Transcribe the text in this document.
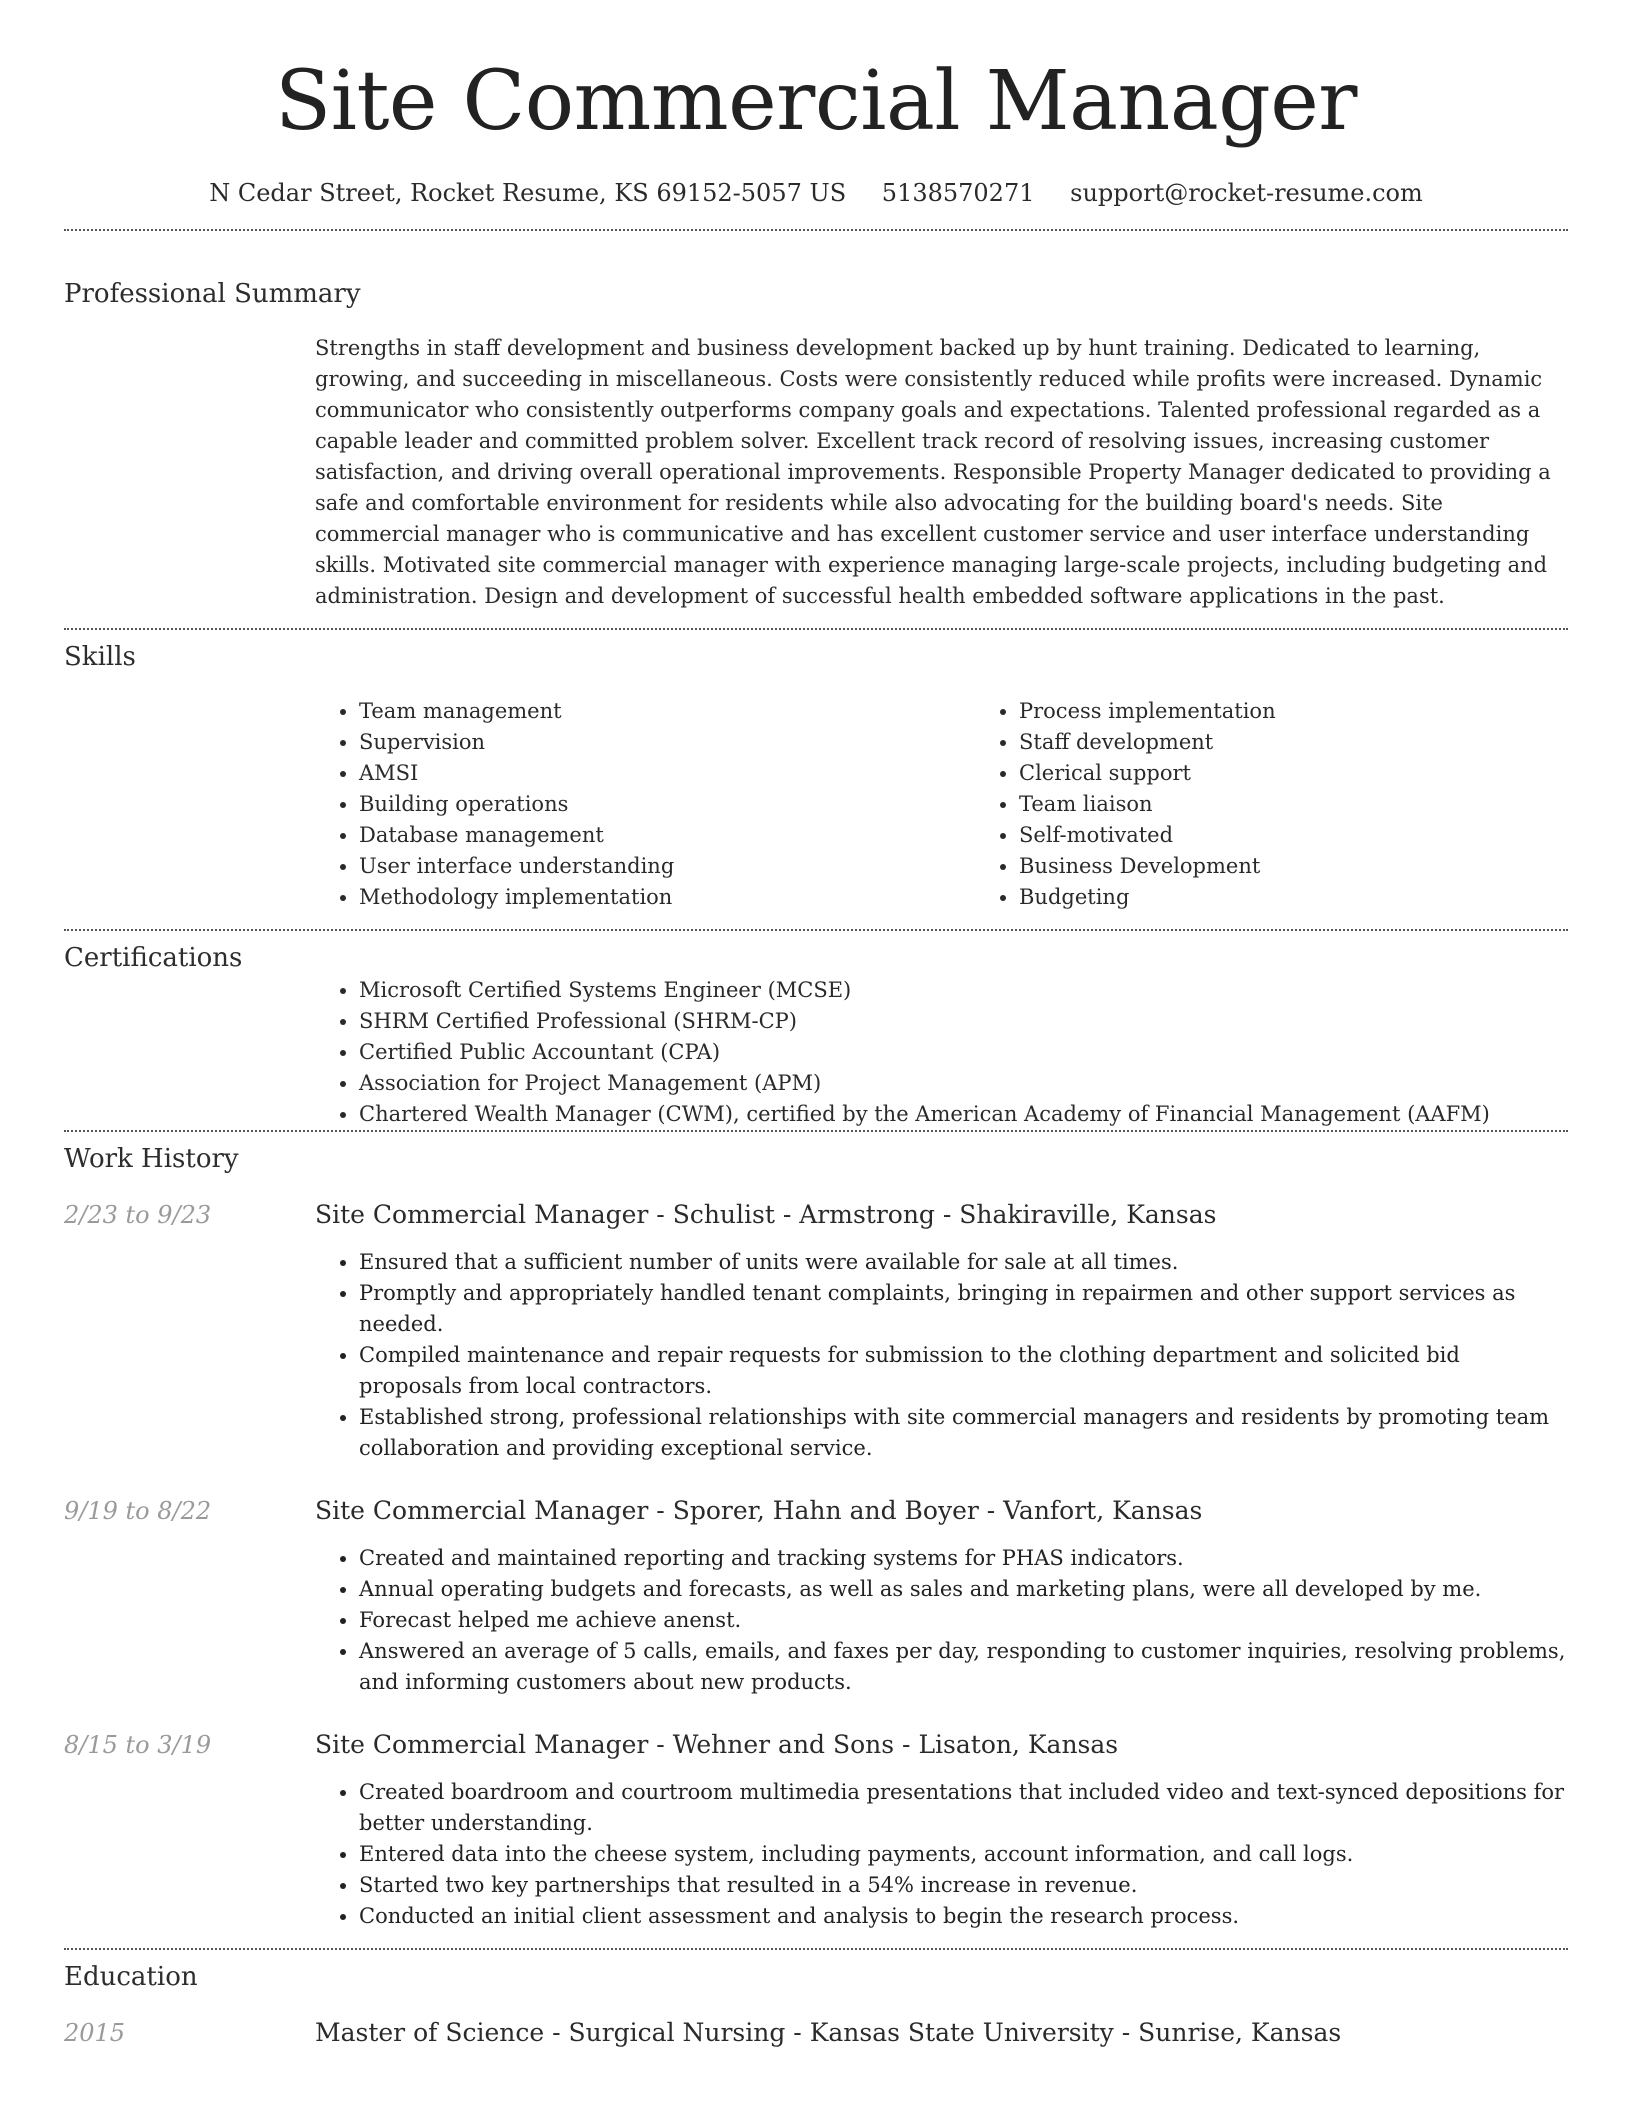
Site Commercial Manager
N Cedar Street, Rocket Resume, KS 69152-5057 US 5138570271 support@rocket-resume.com
Professional Summary

Strengths in staff development and business development backed up by hunt training. Dedicated to learning, growing, and succeeding in miscellaneous. Costs were consistently reduced while profits were increased. Dynamic communicator who consistently outperforms company goals and expectations. Talented professional regarded as a capable leader and committed problem solver. Excellent track record of resolving issues, increasing customer satisfaction, and driving overall operational improvements. Responsible Property Manager dedicated to providing a safe and comfortable environment for residents while also advocating for the building board's needs. Site commercial manager who is communicative and has excellent customer service and user interface understanding skills. Motivated site commercial manager with experience managing large-scale projects, including budgeting and administration. Design and development of successful health embedded software applications in the past.

Skills
• Team management
• Supervision
• AMSI
• Building operations
• Database management
• User interface understanding
• Methodology implementation
• Process implementation
• Staff development
• Clerical support
• Team liaison
• Self-motivated
• Business Development
• Budgeting
Certifications
• Microsoft Certified Systems Engineer (MCSE)
• SHRM Certified Professional (SHRM-CP)
• Certified Public Accountant (CPA)
• Association for Project Management (APM)
• Chartered Wealth Manager (CWM), certified by the American Academy of Financial Management (AAFM)
Work History
2/23 to 9/23	Site Commercial Manager - Schulist - Armstrong - Shakiraville, Kansas
• Ensured that a sufficient number of units were available for sale at all times.
• Promptly and appropriately handled tenant complaints, bringing in repairmen and other support services as needed.
• Compiled maintenance and repair requests for submission to the clothing department and solicited bid proposals from local contractors.
• Established strong, professional relationships with site commercial managers and residents by promoting team collaboration and providing exceptional service.
9/19 to 8/22	Site Commercial Manager - Sporer, Hahn and Boyer - Vanfort, Kansas
• Created and maintained reporting and tracking systems for PHAS indicators.
• Annual operating budgets and forecasts, as well as sales and marketing plans, were all developed by me.
• Forecast helped me achieve anenst.
• Answered an average of 5 calls, emails, and faxes per day, responding to customer inquiries, resolving problems, and informing customers about new products.
8/15 to 3/19	Site Commercial Manager - Wehner and Sons - Lisaton, Kansas
• Created boardroom and courtroom multimedia presentations that included video and text-synced depositions for better understanding.
• Entered data into the cheese system, including payments, account information, and call logs.
• Started two key partnerships that resulted in a 54% increase in revenue.
• Conducted an initial client assessment and analysis to begin the research process.
Education
2015	Master of Science - Surgical Nursing - Kansas State University - Sunrise, Kansas
